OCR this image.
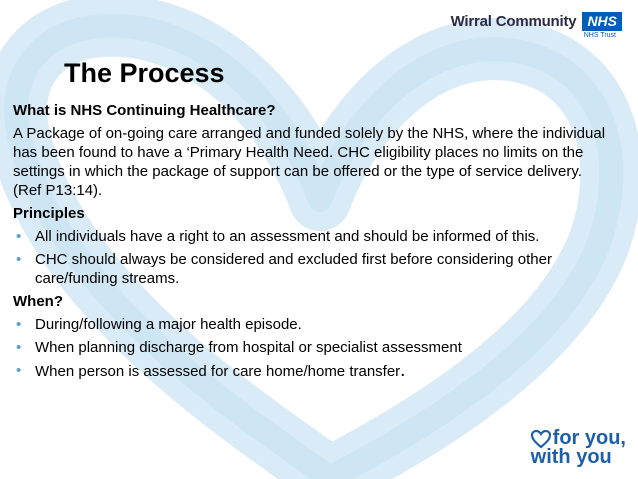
Wirral Community NHS
NHS Trust
The Process
What is NHS Continuing Healthcare?
A Package of on-going care arranged and funded solely by the NHS, where the individual has been found to have a ‘Primary Health Need. CHC eligibility places no limits on the settings in which the package of support can be offered or the type of service delivery. (Ref P13:14).
Principles
• All individuals have a right to an assessment and should be informed of this.
• CHC should always be considered and excluded first before considering other care/funding streams.
When?
• During/following a major health episode.
• When planning discharge from hospital or specialist assessment
• When person is assessed for care home/home transfer.
for you,
with you
